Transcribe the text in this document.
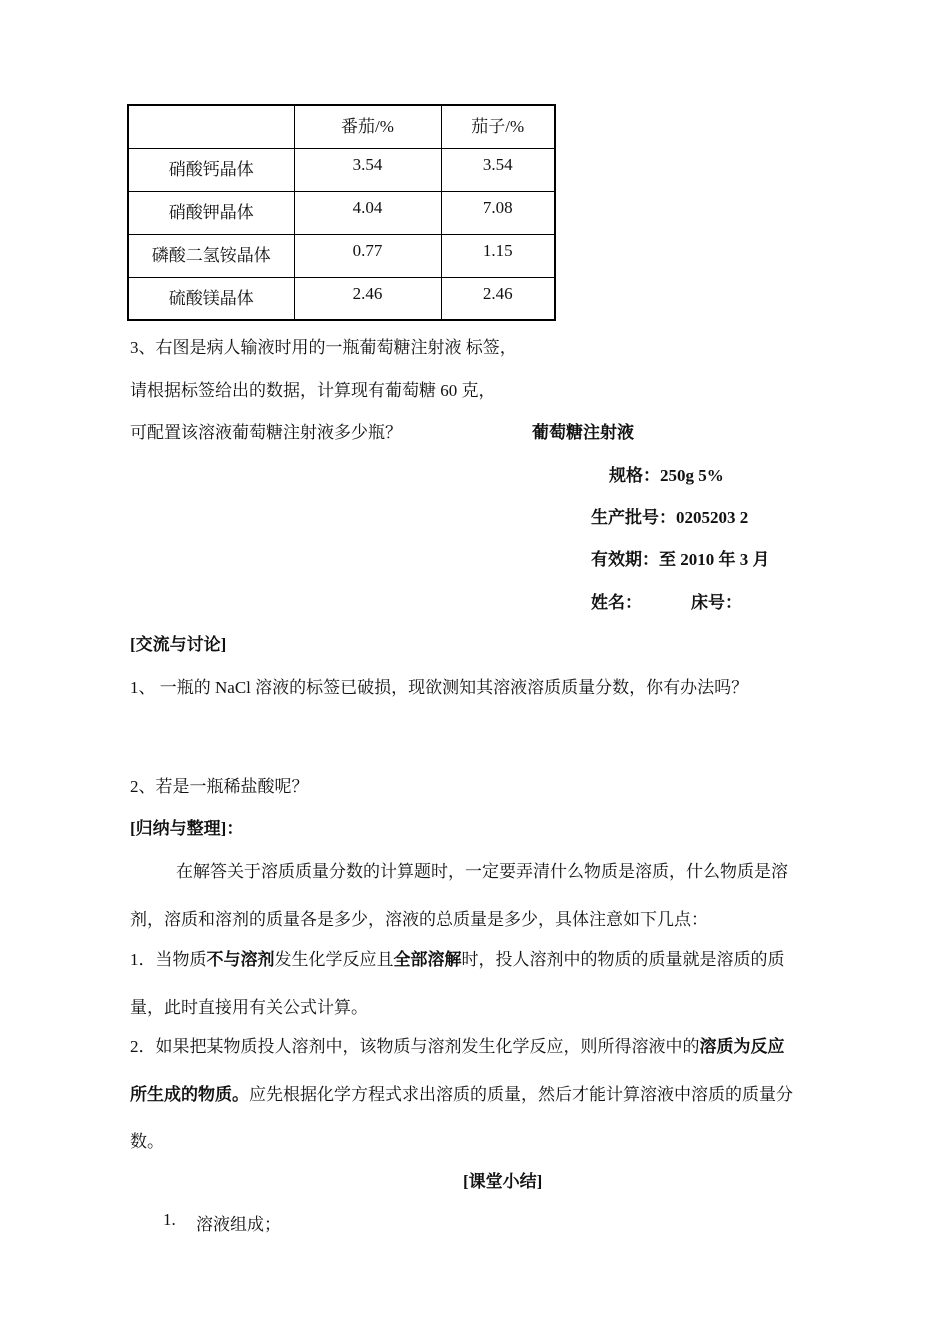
	番茄/%	茄子/%
硝酸钙晶体	3.54	3.54
硝酸钾晶体	4.04	7.08
磷酸二氢铵晶体	0.77	1.15
硫酸镁晶体	2.46	2.46
3、右图是病人输液时用的一瓶葡萄糖注射液 标签，
请根据标签给出的数据，计算现有葡萄糖 60 克，
可配置该溶液葡萄糖注射液多少瓶？	葡萄糖注射液
规格：250g 5%
生产批号：0205203 2
有效期：至 2010 年 3 月
姓名：	床号：
[交流与讨论]
1、 一瓶的 NaCl 溶液的标签已破损，现欲测知其溶液溶质质量分数，你有办法吗？
2、若是一瓶稀盐酸呢？
[归纳与整理]：
在解答关于溶质质量分数的计算题时，一定要弄清什么物质是溶质，什么物质是溶
剂，溶质和溶剂的质量各是多少，溶液的总质量是多少，具体注意如下几点：
1．当物质不与溶剂发生化学反应且全部溶解时，投人溶剂中的物质的质量就是溶质的质
量，此时直接用有关公式计算。
2．如果把某物质投人溶剂中，该物质与溶剂发生化学反应，则所得溶液中的溶质为反应
所生成的物质。应先根据化学方程式求出溶质的质量，然后才能计算溶液中溶质的质量分
数。
[课堂小结]
1. 溶液组成；
